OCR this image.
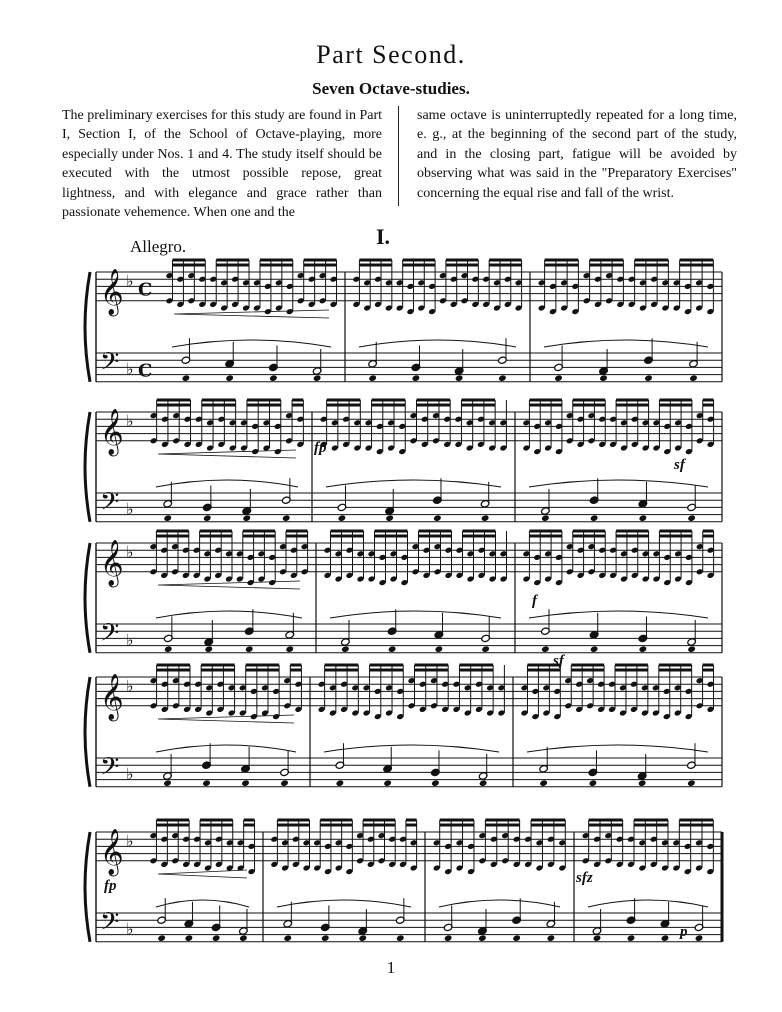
Part Second.
Seven Octave-studies.

The preliminary exercises for this study are found in Part I, Section I, of the School of Octave-playing, more especially under Nos. 1 and 4. The study itself should be executed with the utmost possible repose, great lightness, and with elegance and grace rather than passionate vehemence. When one and the

same octave is uninterruptedly repeated for a long time, e. g., at the beginning of the second part of the study, and in the closing part, fatigue will be avoided by observing what was said in the "Preparatory Exercises" concerning the equal rise and fall of the wrist.

I.
Allegro.
𝄞
𝄢
♭
♭
C
C
𝄞
𝄢
♭
♭
𝄞
𝄢
♭
♭
𝄞
𝄢
♭
♭
𝄞
𝄢
♭
♭
fp
sf
f
sf
fp	sfz
p
1
